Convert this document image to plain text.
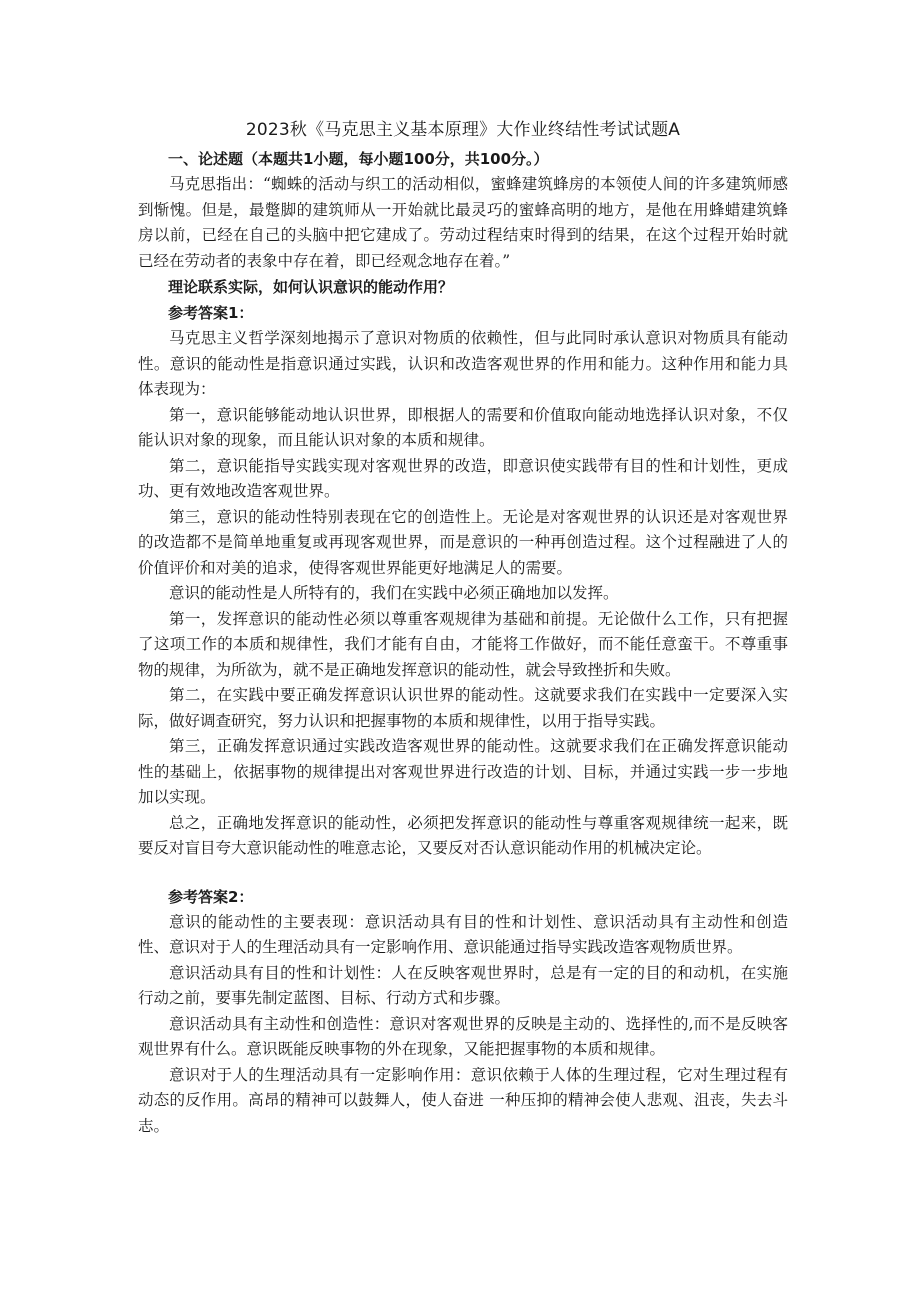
2023秋《马克思主义基本原理》大作业终结性考试试题A
一、论述题（本题共1小题，每小题100分，共100分。）

马克思指出：“蜘蛛的活动与织工的活动相似，蜜蜂建筑蜂房的本领使人间的许多建筑师感到惭愧。但是，最蹩脚的建筑师从一开始就比最灵巧的蜜蜂高明的地方，是他在用蜂蜡建筑蜂房以前，已经在自己的头脑中把它建成了。劳动过程结束时得到的结果，在这个过程开始时就已经在劳动者的表象中存在着，即已经观念地存在着。”

理论联系实际，如何认识意识的能动作用？
参考答案1：

马克思主义哲学深刻地揭示了意识对物质的依赖性，但与此同时承认意识对物质具有能动性。意识的能动性是指意识通过实践，认识和改造客观世界的作用和能力。这种作用和能力具体表现为：

第一，意识能够能动地认识世界，即根据人的需要和价值取向能动地选择认识对象，不仅能认识对象的现象，而且能认识对象的本质和规律。

第二，意识能指导实践实现对客观世界的改造，即意识使实践带有目的性和计划性，更成功、更有效地改造客观世界。

第三，意识的能动性特别表现在它的创造性上。无论是对客观世界的认识还是对客观世界的改造都不是简单地重复或再现客观世界，而是意识的一种再创造过程。这个过程融进了人的价值评价和对美的追求，使得客观世界能更好地满足人的需要。

意识的能动性是人所特有的，我们在实践中必须正确地加以发挥。

第一，发挥意识的能动性必须以尊重客观规律为基础和前提。无论做什么工作，只有把握了这项工作的本质和规律性，我们才能有自由，才能将工作做好，而不能任意蛮干。不尊重事物的规律，为所欲为，就不是正确地发挥意识的能动性，就会导致挫折和失败。

第二，在实践中要正确发挥意识认识世界的能动性。这就要求我们在实践中一定要深入实际，做好调查研究，努力认识和把握事物的本质和规律性，以用于指导实践。

第三，正确发挥意识通过实践改造客观世界的能动性。这就要求我们在正确发挥意识能动性的基础上，依据事物的规律提出对客观世界进行改造的计划、目标，并通过实践一步一步地加以实现。

总之，正确地发挥意识的能动性，必须把发挥意识的能动性与尊重客观规律统一起来，既要反对盲目夸大意识能动性的唯意志论，又要反对否认意识能动作用的机械决定论。

参考答案2：

意识的能动性的主要表现：意识活动具有目的性和计划性、意识活动具有主动性和创造性、意识对于人的生理活动具有一定影响作用、意识能通过指导实践改造客观物质世界。

意识活动具有目的性和计划性：人在反映客观世界时，总是有一定的目的和动机，在实施行动之前，要事先制定蓝图、目标、行动方式和步骤。

意识活动具有主动性和创造性：意识对客观世界的反映是主动的、选择性的,而不是反映客观世界有什么。意识既能反映事物的外在现象，又能把握事物的本质和规律。

意识对于人的生理活动具有一定影响作用：意识依赖于人体的生理过程，它对生理过程有动态的反作用。高昂的精神可以鼓舞人，使人奋进 一种压抑的精神会使人悲观、沮丧，失去斗志。
